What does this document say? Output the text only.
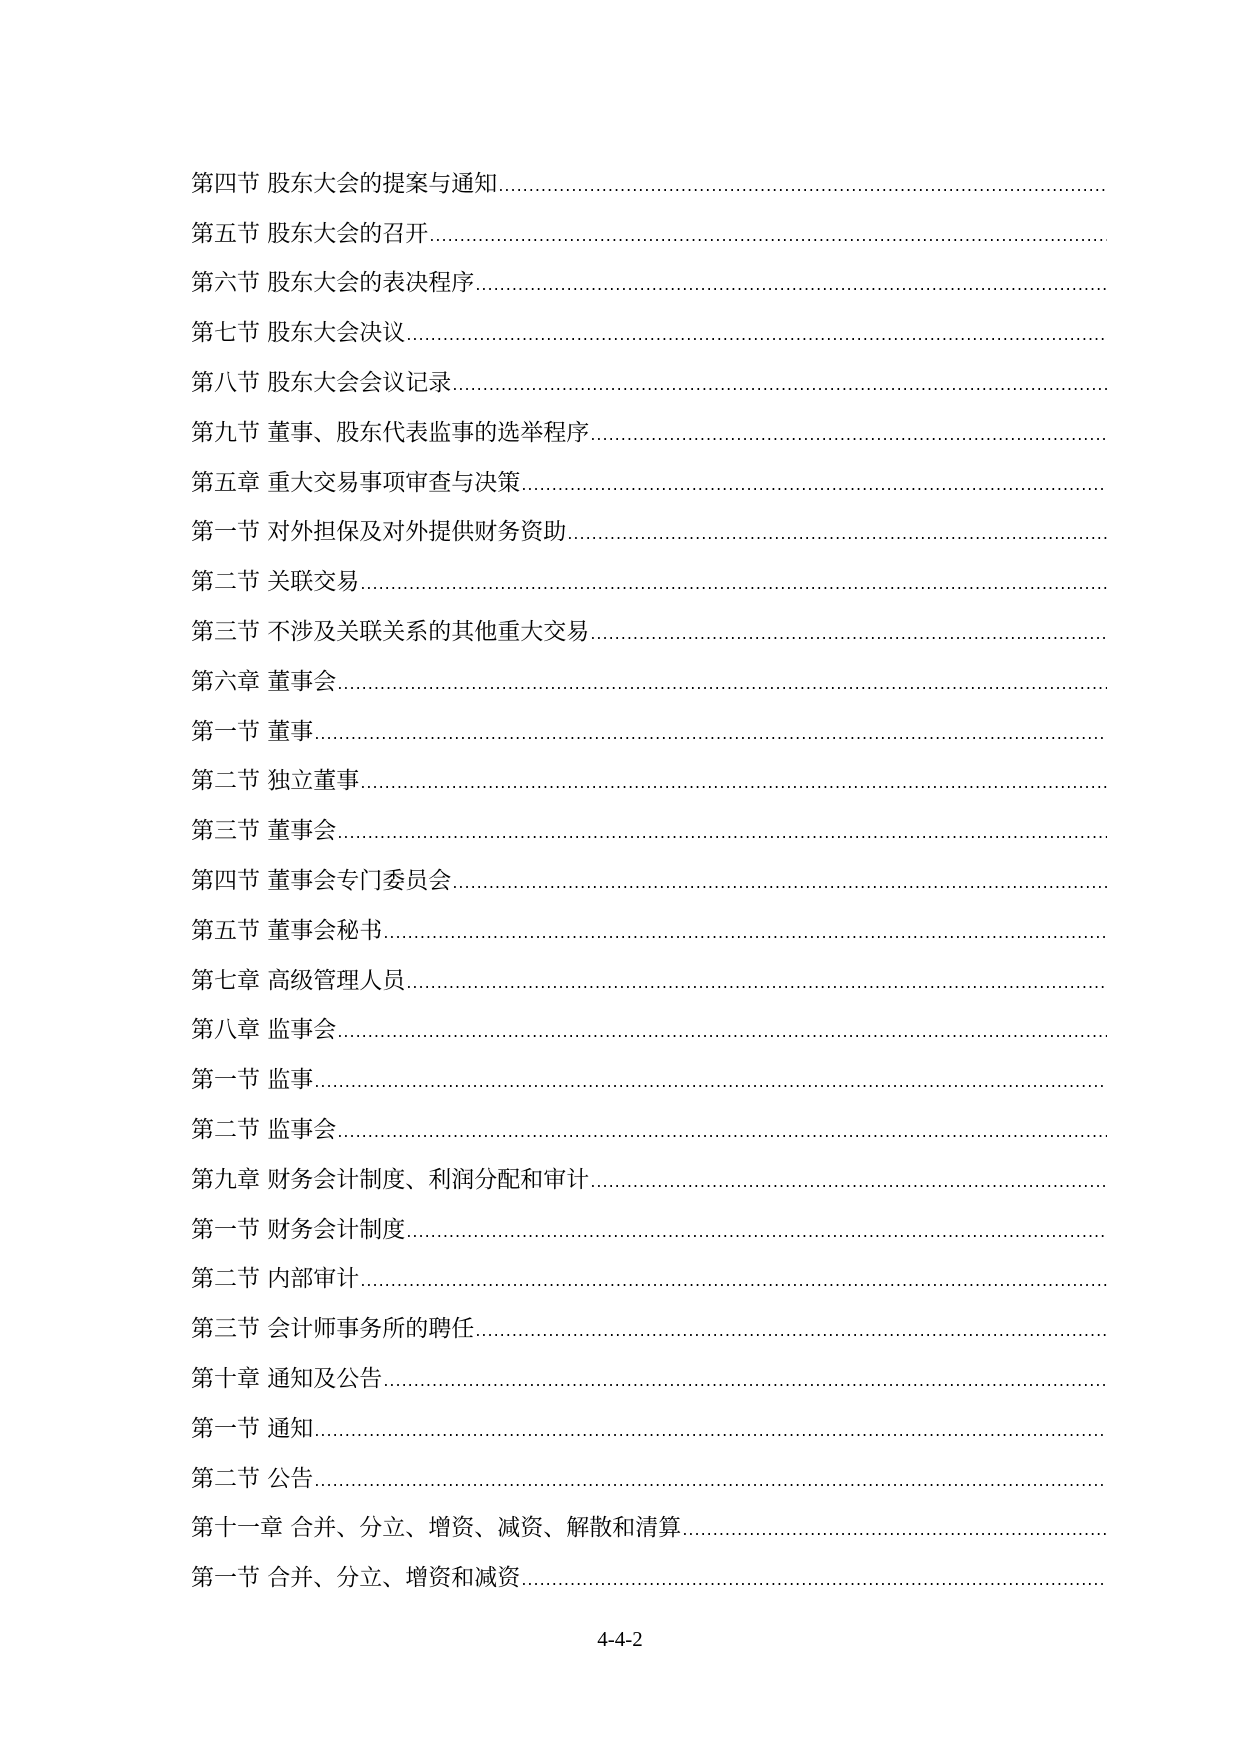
第四节 股东大会的提案与通知
.....
第五节 股东大会的召开
.....
第六节 股东大会的表决程序
.....
第七节 股东大会决议
.....
第八节 股东大会会议记录
.....
第九节 董事、股东代表监事的选举程序
.....
第五章 重大交易事项审查与决策
.....
第一节 对外担保及对外提供财务资助
.....
第二节 关联交易
.....
第三节 不涉及关联关系的其他重大交易
.....
第六章 董事会
.....
第一节 董事
.....
第二节 独立董事
.....
第三节 董事会
.....
第四节 董事会专门委员会
.....
第五节 董事会秘书
.....
第七章 高级管理人员
.....
第八章 监事会
.....
第一节 监事
.....
第二节 监事会
.....
第九章 财务会计制度、利润分配和审计
.....
第一节 财务会计制度
.....
第二节 内部审计
.....
第三节 会计师事务所的聘任
.....
第十章 通知及公告
.....
第一节 通知
.....
第二节 公告
.....
第十一章 合并、分立、增资、减资、解散和清算
.....
第一节 合并、分立、增资和减资
.....
4-4-2
